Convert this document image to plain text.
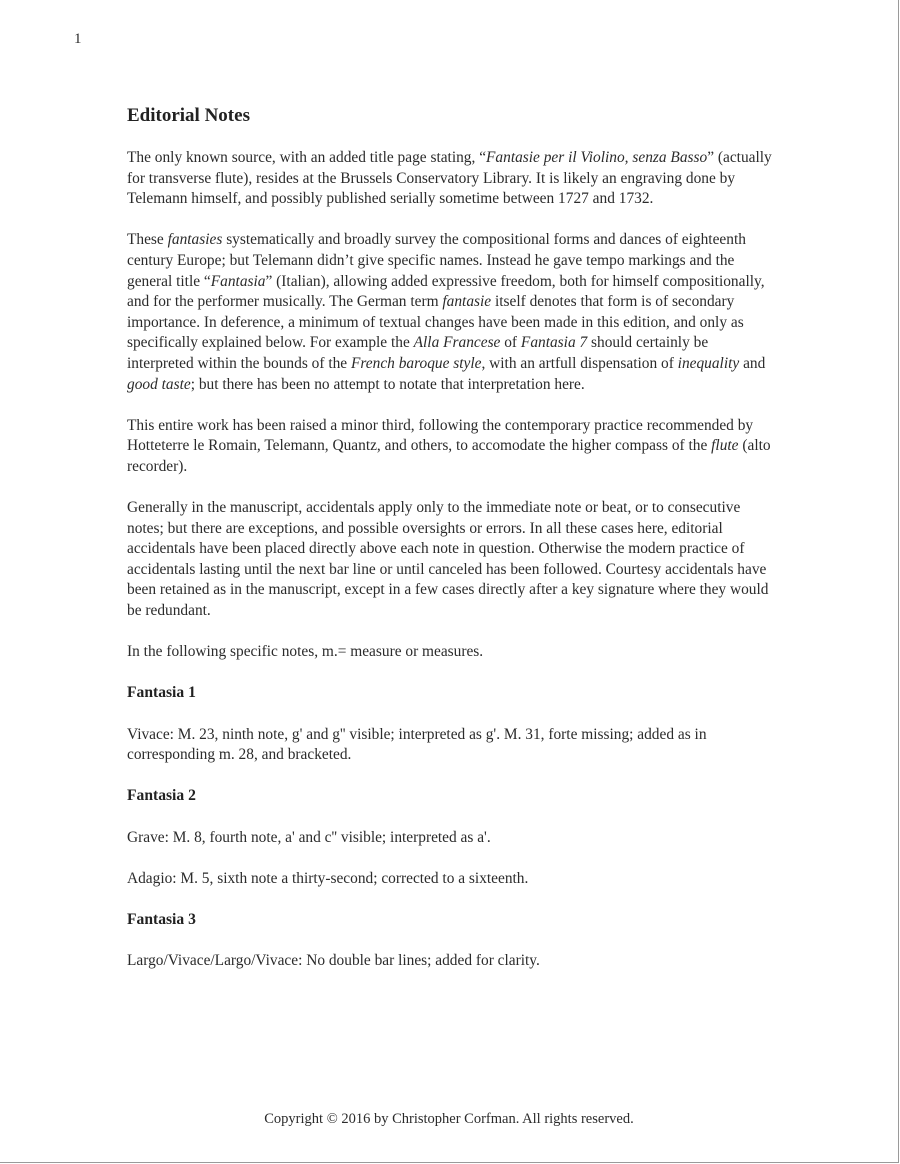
1
Editorial Notes

The only known source, with an added title page stating, “Fantasie per il Violino, senza Basso” (actually for transverse flute), resides at the Brussels Conservatory Library. It is likely an engraving done by Telemann himself, and possibly published serially sometime between 1727 and 1732.

These fantasies systematically and broadly survey the compositional forms and dances of eighteenth century Europe; but Telemann didn’t give specific names. Instead he gave tempo markings and the general title “Fantasia” (Italian), allowing added expressive freedom, both for himself compositionally, and for the performer musically. The German term fantasie itself denotes that form is of secondary importance. In deference, a minimum of textual changes have been made in this edition, and only as specifically explained below. For example the Alla Francese of Fantasia 7 should certainly be interpreted within the bounds of the French baroque style, with an artfull dispensation of inequality and good taste; but there has been no attempt to notate that interpretation here.

This entire work has been raised a minor third, following the contemporary practice recommended by Hotteterre le Romain, Telemann, Quantz, and others, to accomodate the higher compass of the flute (alto recorder).

Generally in the manuscript, accidentals apply only to the immediate note or beat, or to consecutive notes; but there are exceptions, and possible oversights or errors. In all these cases here, editorial accidentals have been placed directly above each note in question. Otherwise the modern practice of accidentals lasting until the next bar line or until canceled has been followed. Courtesy accidentals have been retained as in the manuscript, except in a few cases directly after a key signature where they would be redundant.

In the following specific notes, m.= measure or measures.

Fantasia 1

Vivace: M. 23, ninth note, g' and g'' visible; interpreted as g'. M. 31, forte missing; added as in corresponding m. 28, and bracketed.

Fantasia 2

Grave: M. 8, fourth note, a' and c'' visible; interpreted as a'.

Adagio: M. 5, sixth note a thirty-second; corrected to a sixteenth.

Fantasia 3

Largo/Vivace/Largo/Vivace: No double bar lines; added for clarity.

Copyright © 2016 by Christopher Corfman. All rights reserved.
